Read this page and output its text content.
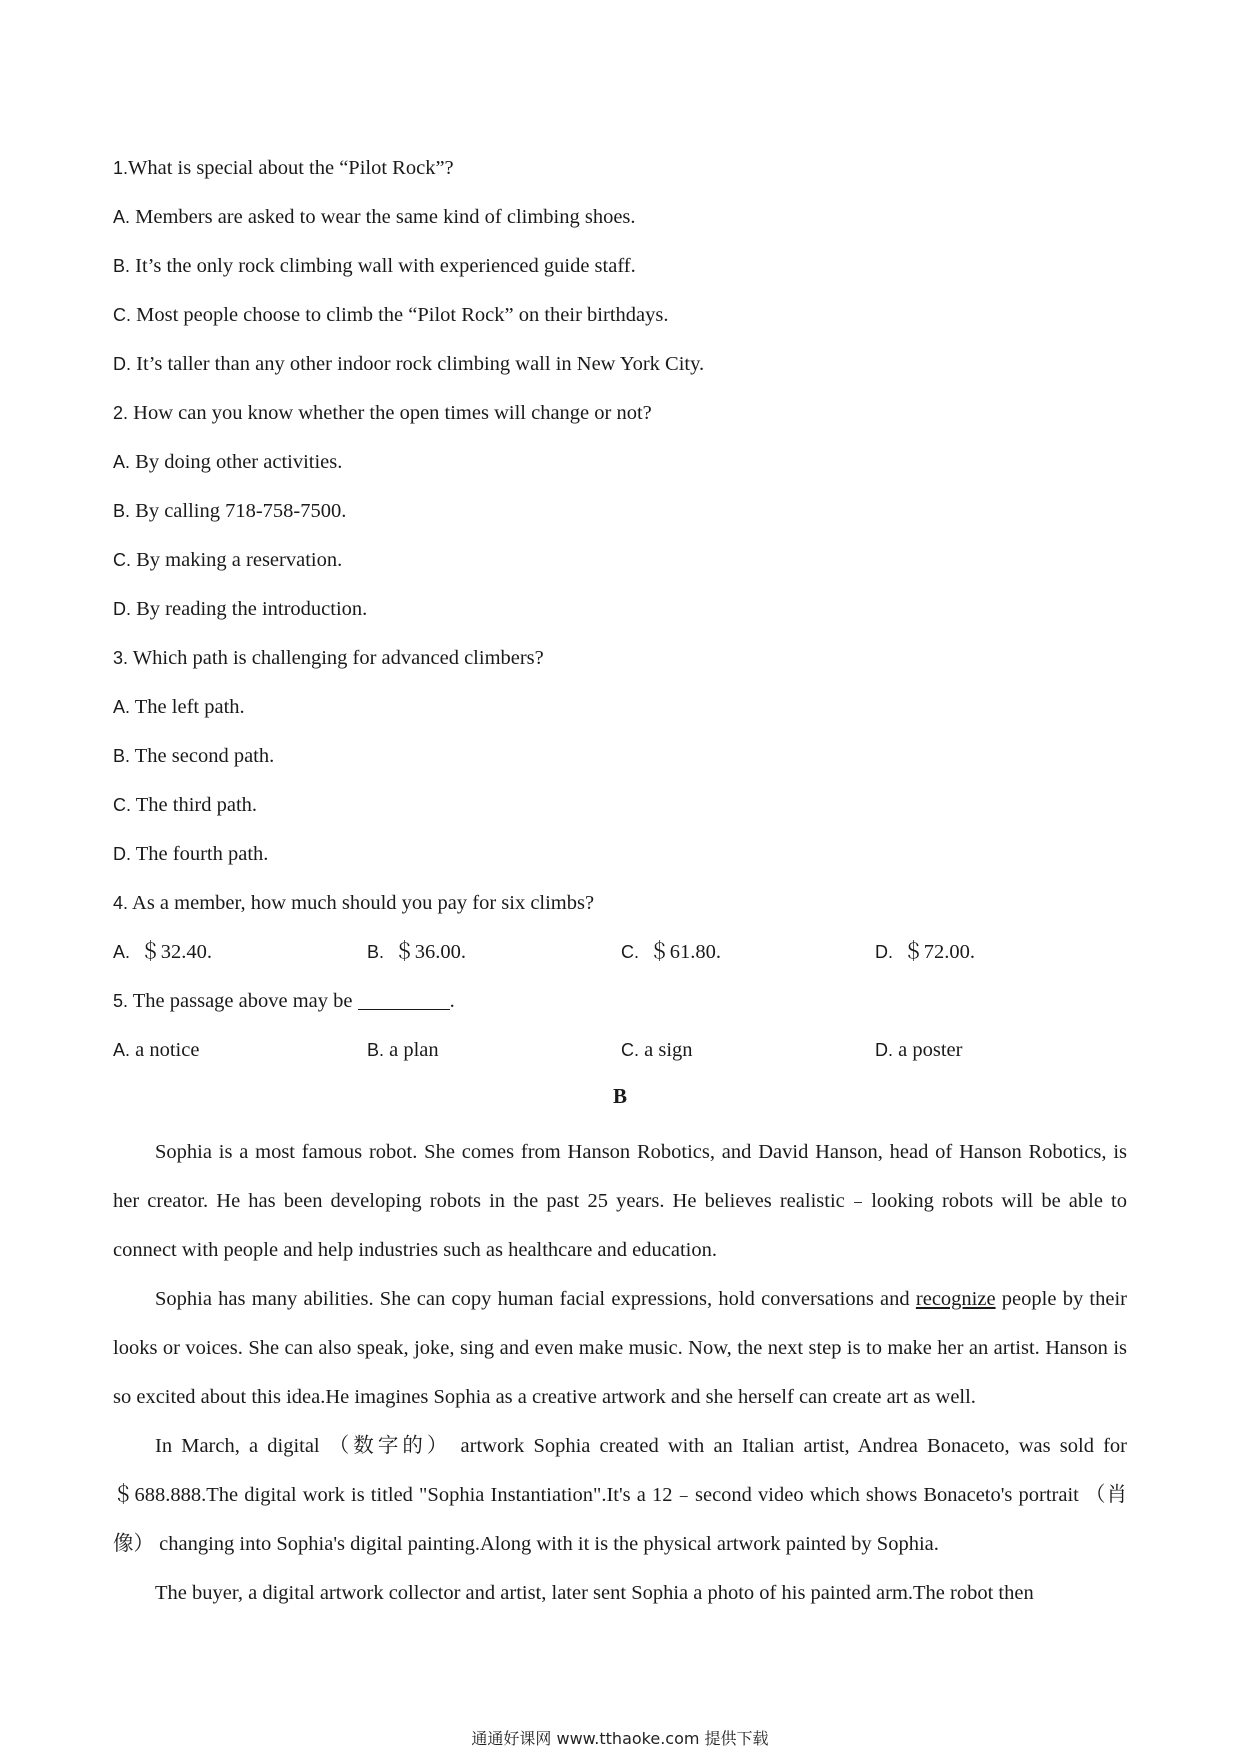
1.What is special about the “Pilot Rock”?
A. Members are asked to wear the same kind of climbing shoes.
B. It’s the only rock climbing wall with experienced guide staff.
C. Most people choose to climb the “Pilot Rock” on their birthdays.
D. It’s taller than any other indoor rock climbing wall in New York City.
2. How can you know whether the open times will change or not?
A. By doing other activities.
B. By calling 718-758-7500.
C. By making a reservation.
D. By reading the introduction.
3. Which path is challenging for advanced climbers?
A. The left path.
B. The second path.
C. The third path.
D. The fourth path.
4. As a member, how much should you pay for six climbs?
A. ＄32.40.	B. ＄36.00.	C. ＄61.80.	D. ＄72.00.
5. The passage above may be	.
A. a notice	B. a plan	C. a sign	D. a poster
B

Sophia is a most famous robot. She comes from Hanson Robotics, and David Hanson, head of Hanson Robotics, is her creator. He has been developing robots in the past 25 years. He believes realistic﹣looking robots will be able to connect with people and help industries such as healthcare and education.

Sophia has many abilities. She can copy human facial expressions, hold conversations and recognize people by their looks or voices. She can also speak, joke, sing and even make music. Now, the next step is to make her an artist. Hanson is so excited about this idea.He imagines Sophia as a creative artwork and she herself can create art as well.

In March, a digital （数字的） artwork Sophia created with an Italian artist, Andrea Bonaceto, was sold for ＄688.888.The digital work is titled "Sophia Instantiation".It's a 12﹣second video which shows Bonaceto's portrait （肖像） changing into Sophia's digital painting.Along with it is the physical artwork painted by Sophia.

The buyer, a digital artwork collector and artist, later sent Sophia a photo of his painted arm.The robot then

通通好课网 www.tthaoke.com 提供下载
